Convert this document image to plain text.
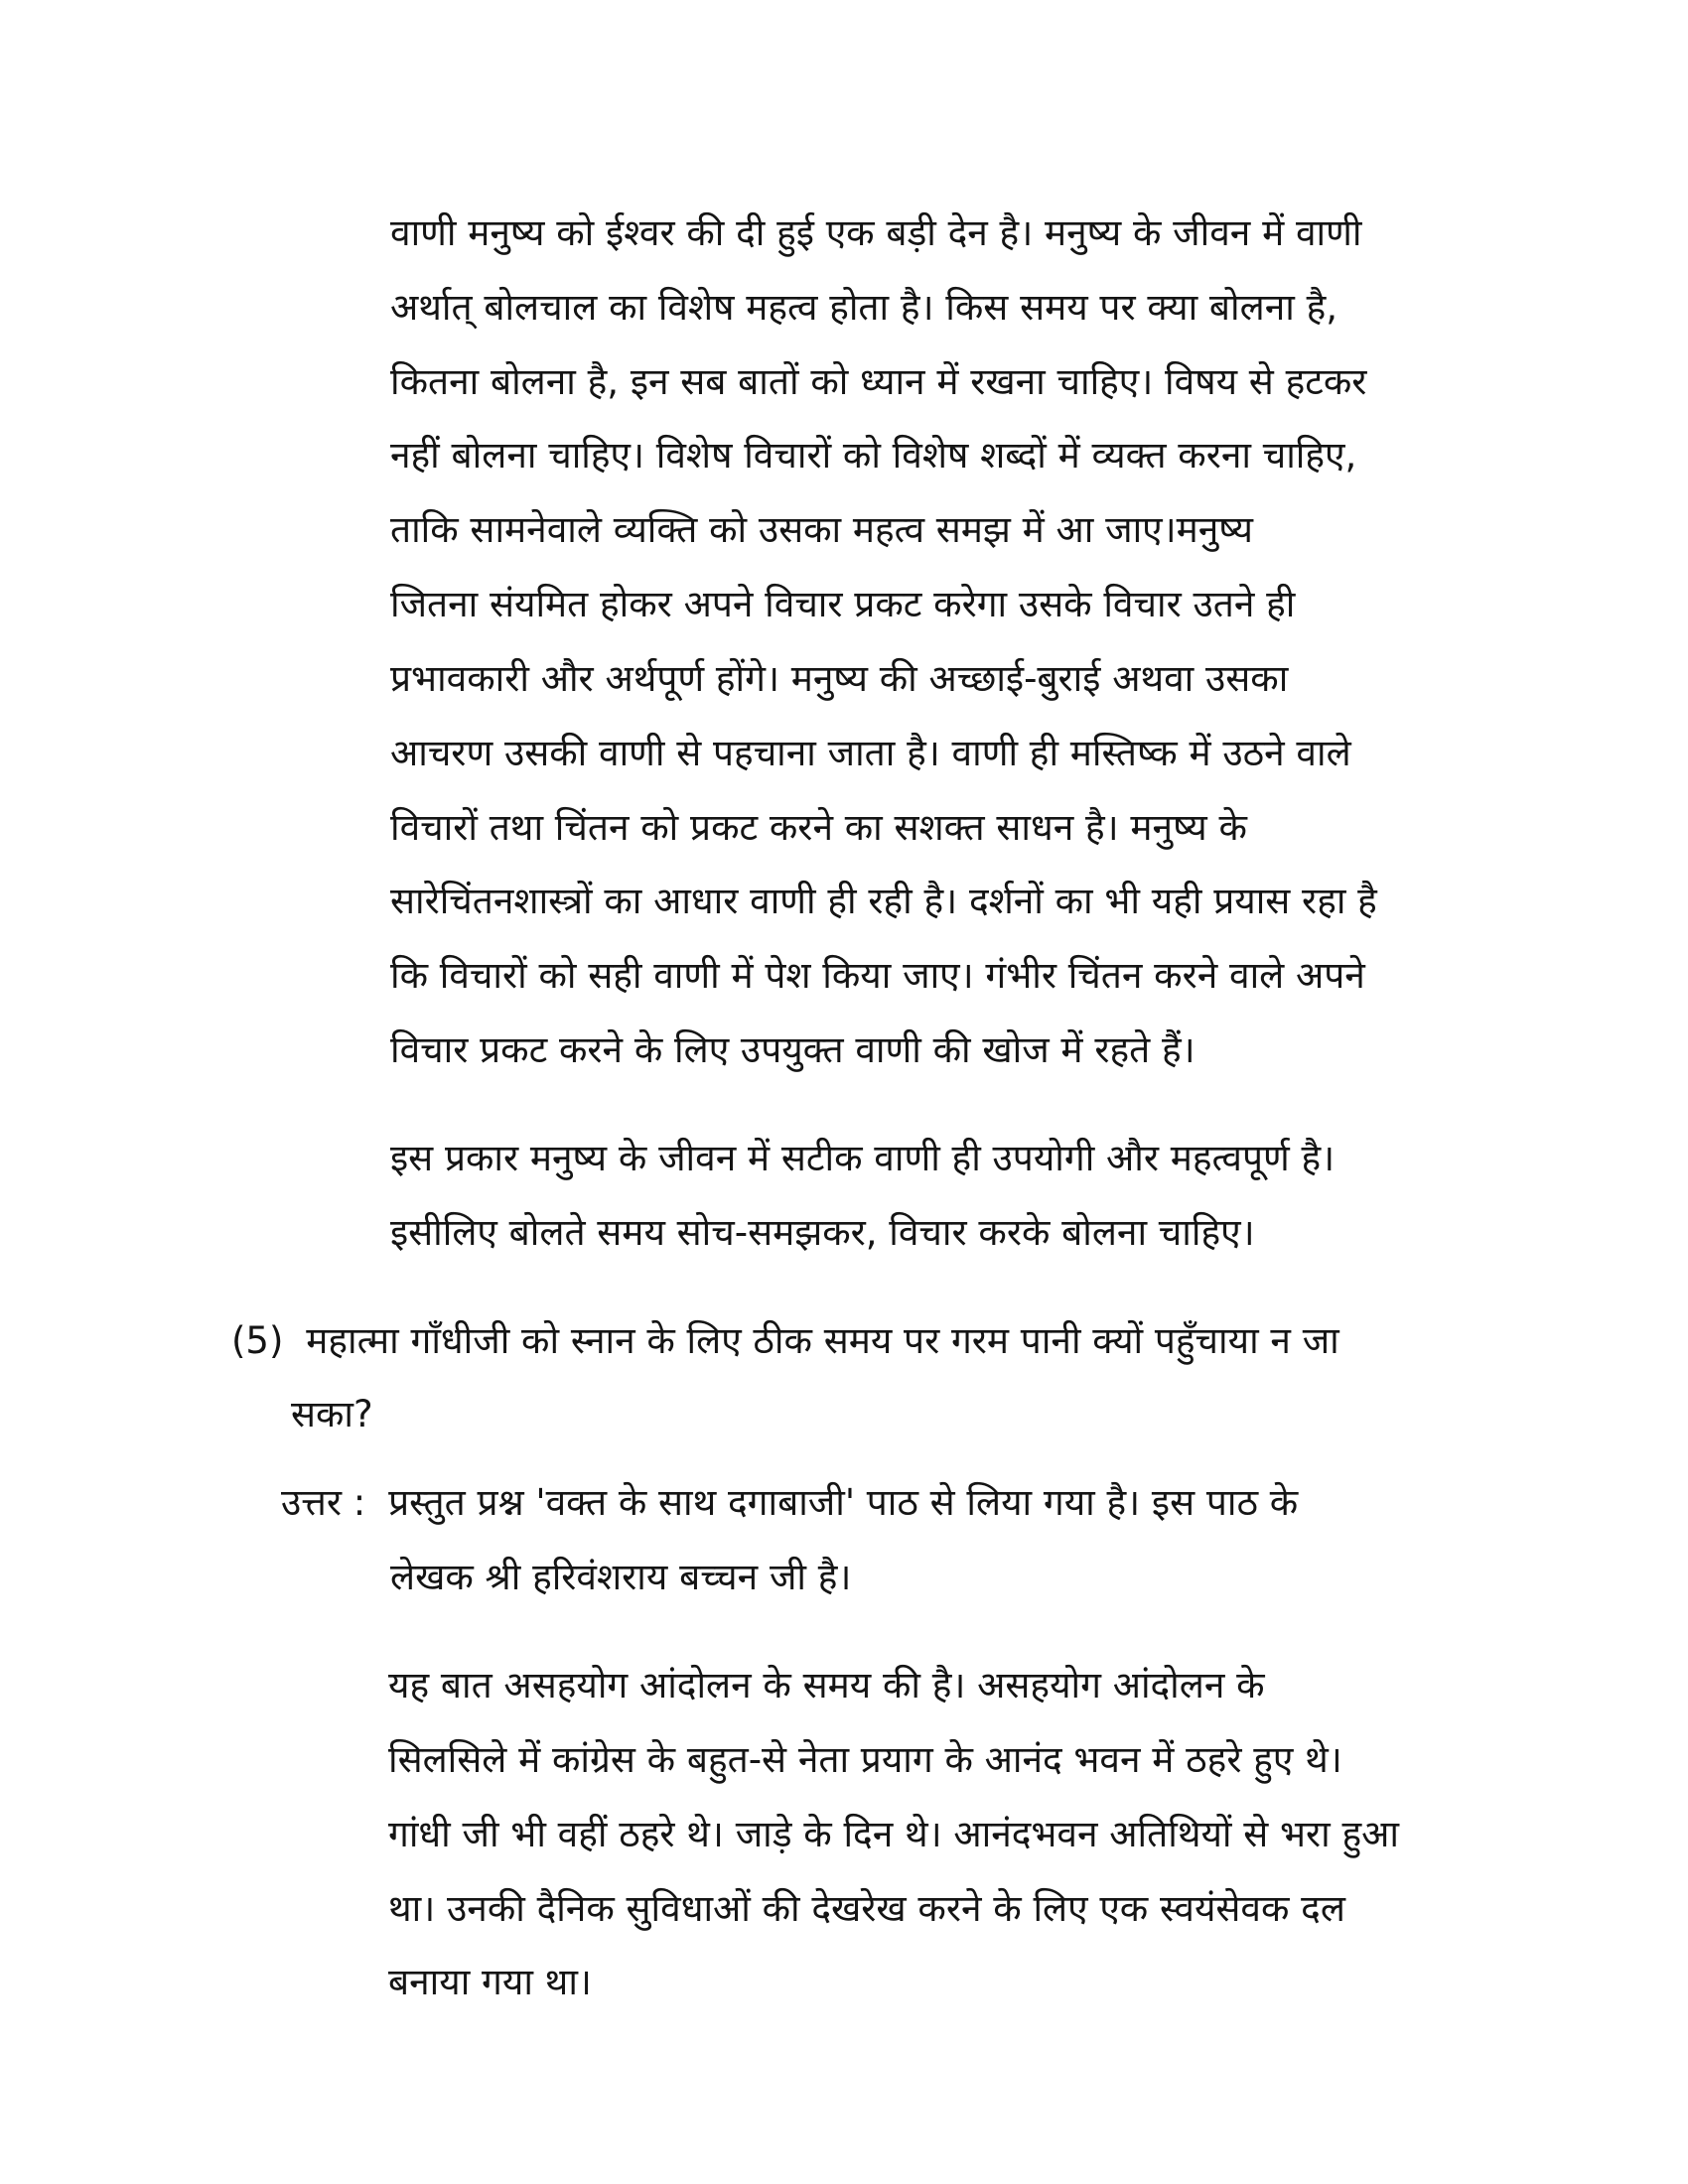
वाणी मनुष्य को ईश्वर की दी हुई एक बड़ी देन है। मनुष्य के जीवन में वाणी
अर्थात् बोलचाल का विशेष महत्व होता है। किस समय पर क्या बोलना है,
कितना बोलना है, इन सब बातों को ध्यान में रखना चाहिए। विषय से हटकर
नहीं बोलना चाहिए। विशेष विचारों को विशेष शब्दों में व्यक्त करना चाहिए,
ताकि सामनेवाले व्यक्ति को उसका महत्व समझ में आ जाए।मनुष्य
जितना संयमित होकर अपने विचार प्रकट करेगा उसके विचार उतने ही
प्रभावकारी और अर्थपूर्ण होंगे। मनुष्य की अच्छाई-बुराई अथवा उसका
आचरण उसकी वाणी से पहचाना जाता है। वाणी ही मस्तिष्क में उठने वाले
विचारों तथा चिंतन को प्रकट करने का सशक्त साधन है। मनुष्य के
सारेचिंतनशास्त्रों का आधार वाणी ही रही है। दर्शनों का भी यही प्रयास रहा है
कि विचारों को सही वाणी में पेश किया जाए। गंभीर चिंतन करने वाले अपने
विचार प्रकट करने के लिए उपयुक्त वाणी की खोज में रहते हैं।
इस प्रकार मनुष्य के जीवन में सटीक वाणी ही उपयोगी और महत्वपूर्ण है।
इसीलिए बोलते समय सोच-समझकर, विचार करके बोलना चाहिए।
(5) महात्मा गाँधीजी को स्नान के लिए ठीक समय पर गरम पानी क्यों पहुँचाया न जा
सका?
उत्तर : प्रस्तुत प्रश्न 'वक्त के साथ दगाबाजी' पाठ से लिया गया है। इस पाठ के
लेखक श्री हरिवंशराय बच्चन जी है।
यह बात असहयोग आंदोलन के समय की है। असहयोग आंदोलन के
सिलसिले में कांग्रेस के बहुत-से नेता प्रयाग के आनंद भवन में ठहरे हुए थे।
गांधी जी भी वहीं ठहरे थे। जाड़े के दिन थे। आनंदभवन अतिथियों से भरा हुआ
था। उनकी दैनिक सुविधाओं की देखरेख करने के लिए एक स्वयंसेवक दल
बनाया गया था।
